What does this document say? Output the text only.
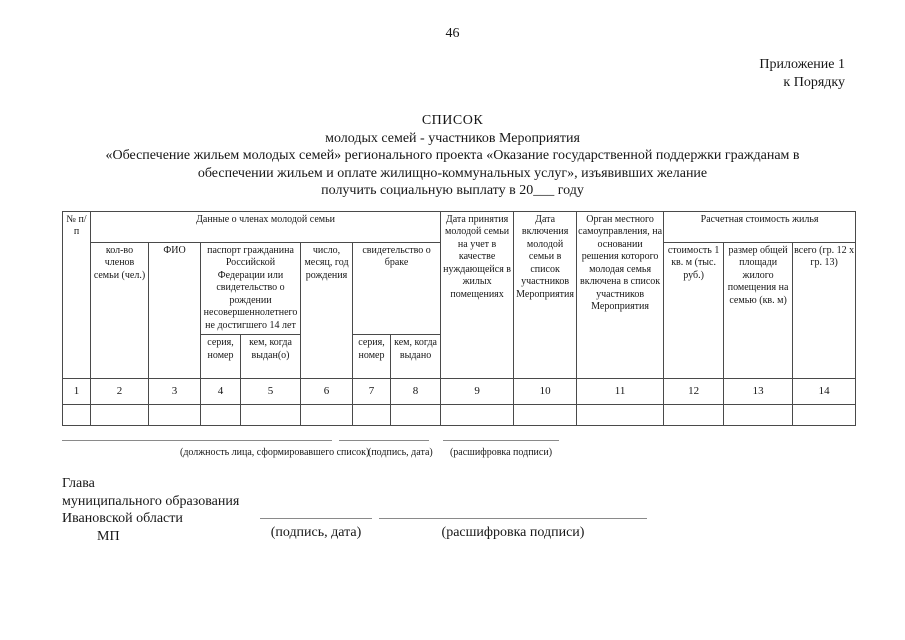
46
Приложение 1
к Порядку
СПИСОК
молодых семей - участников Мероприятия
«Обеспечение жильем молодых семей» регионального проекта «Оказание государственной поддержки гражданам в
обеспечении жильем и оплате жилищно-коммунальных услуг», изъявивших желание
получить социальную выплату в 20___ году
№ п/п	Данные о членах молодой семьи							Дата принятия молодой семьи на учет в качестве нуждающейся в жилых помещениях	Дата включения молодой семьи в список участников Мероприятия	Орган местного самоуправления, на основании решения которого молодая семья включена в список участников Мероприятия	Расчетная стоимость жилья		
	кол-во членов семьи (чел.)	ФИО	паспорт гражданина Российской Федерации или свидетельство о рождении несовершеннолетнего не достигшего 14 лет		число, месяц, год рождения	свидетельство о браке					стоимость 1 кв. м (тыс. руб.)	размер общей площади жилого помещения на семью (кв. м)	всего (гр. 12 х гр. 13)
			серия, номер	кем, когда выдан(о)		серия, номер	кем, когда выдано						
1	2	3	4	5	6	7	8	9	10	11	12	13	14

(должность лица, сформировавшего список)
(подпись, дата)	(расшифровка подписи)
Глава
муниципального образования
Ивановской области
МП	(подпись, дата)	(расшифровка подписи)
